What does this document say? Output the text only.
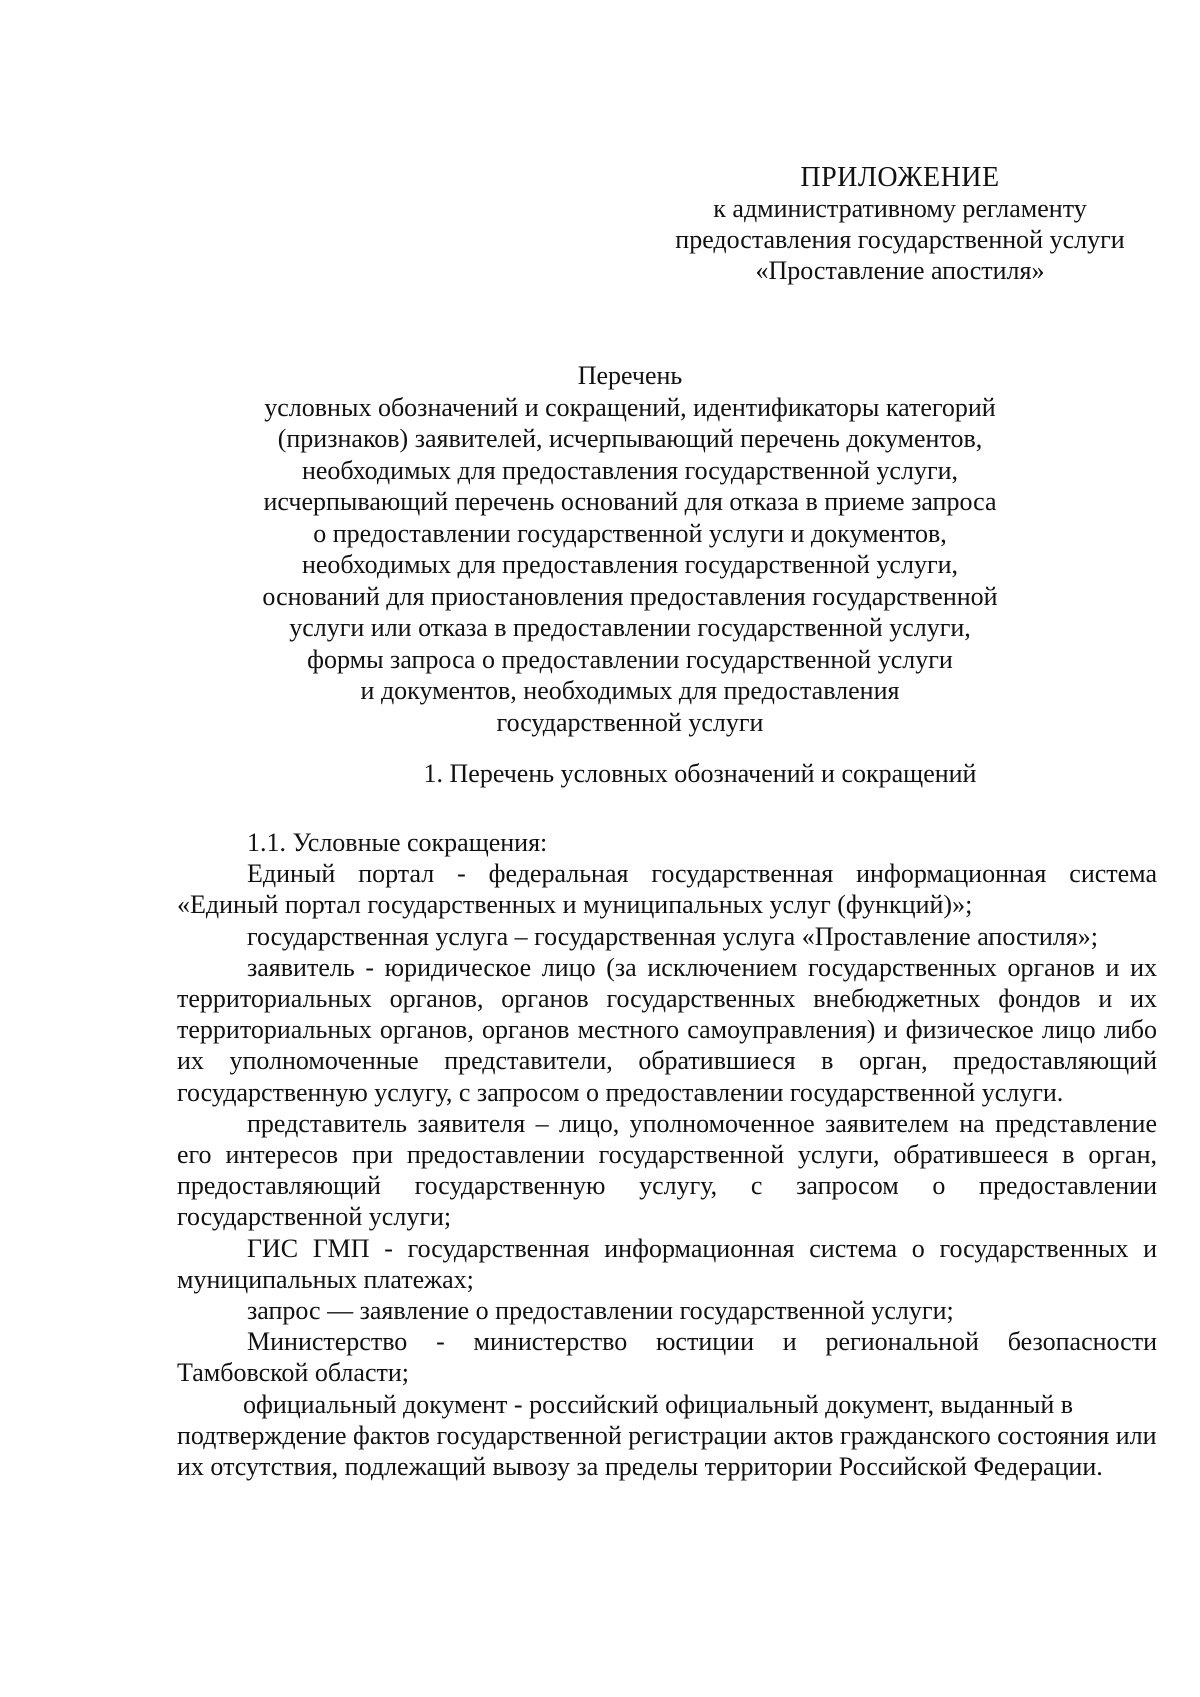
ПРИЛОЖЕНИЕ
к административному регламенту
предоставления государственной услуги
«Проставление апостиля»
Перечень
условных обозначений и сокращений, идентификаторы категорий
(признаков) заявителей, исчерпывающий перечень документов,
необходимых для предоставления государственной услуги,
исчерпывающий перечень оснований для отказа в приеме запроса
о предоставлении государственной услуги и документов,
необходимых для предоставления государственной услуги,
оснований для приостановления предоставления государственной
услуги или отказа в предоставлении государственной услуги,
формы запроса о предоставлении государственной услуги
и документов, необходимых для предоставления
государственной услуги
1. Перечень условных обозначений и сокращений

1.1. Условные сокращения:

Единый портал - федеральная государственная информационная система «Единый портал государственных и муниципальных услуг (функций)»;

государственная услуга – государственная услуга «Проставление апостиля»;

заявитель - юридическое лицо (за исключением государственных органов и их территориальных органов, органов государственных внебюджетных фондов и их территориальных органов, органов местного самоуправления) и физическое лицо либо их уполномоченные представители, обратившиеся в орган, предоставляющий государственную услугу, с запросом о предоставлении государственной услуги.

представитель заявителя – лицо, уполномоченное заявителем на представление его интересов при предоставлении государственной услуги, обратившееся в орган, предоставляющий государственную услугу, с запросом о предоставлении государственной услуги;

ГИС ГМП - государственная информационная система о государственных и муниципальных платежах;

запрос — заявление о предоставлении государственной услуги;

Министерство - министерство юстиции и региональной безопасности Тамбовской области;

официальный документ - российский официальный документ, выданный в подтверждение фактов государственной регистрации актов гражданского состояния или их отсутствия, подлежащий вывозу за пределы территории Российской Федерации.
